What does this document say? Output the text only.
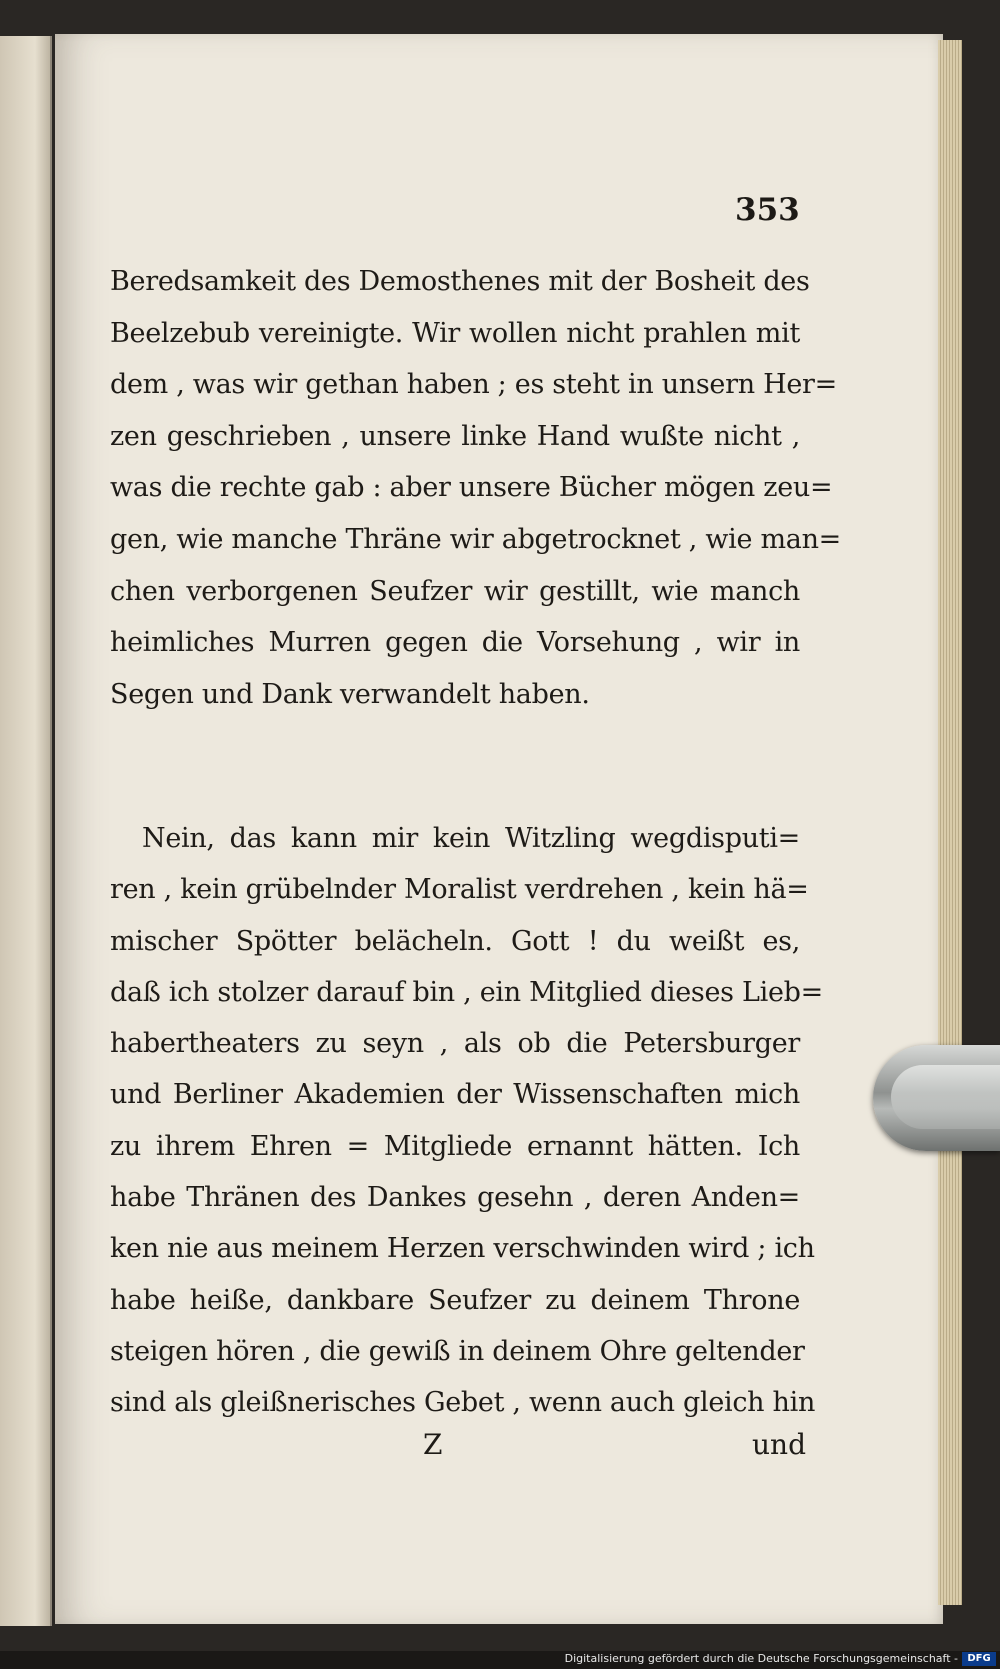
353
Beredsamkeit des Demosthenes mit der Bosheit des
Beelzebub vereinigte. Wir wollen nicht prahlen mit
dem , was wir gethan haben ; es steht in unsern Her=
zen geschrieben , unsere linke Hand wußte nicht ,
was die rechte gab : aber unsere Bücher mögen zeu=
gen, wie manche Thräne wir abgetrocknet , wie man=
chen verborgenen Seufzer wir gestillt, wie manch
heimliches Murren gegen die Vorsehung , wir in
Segen und Dank verwandelt haben.
Nein, das kann mir kein Witzling wegdisputi=
ren , kein grübelnder Moralist verdrehen , kein hä=
mischer Spötter belächeln. Gott ! du weißt es,
daß ich stolzer darauf bin , ein Mitglied dieses Lieb=
habertheaters zu seyn , als ob die Petersburger
und Berliner Akademien der Wissenschaften mich
zu ihrem Ehren = Mitgliede ernannt hätten. Ich
habe Thränen des Dankes gesehn , deren Anden=
ken nie aus meinem Herzen verschwinden wird ; ich
habe heiße, dankbare Seufzer zu deinem Throne
steigen hören , die gewiß in deinem Ohre geltender
sind als gleißnerisches Gebet , wenn auch gleich hin
Z	und
Digitalisierung gefördert durch die Deutsche Forschungsgemeinschaft - DFG
